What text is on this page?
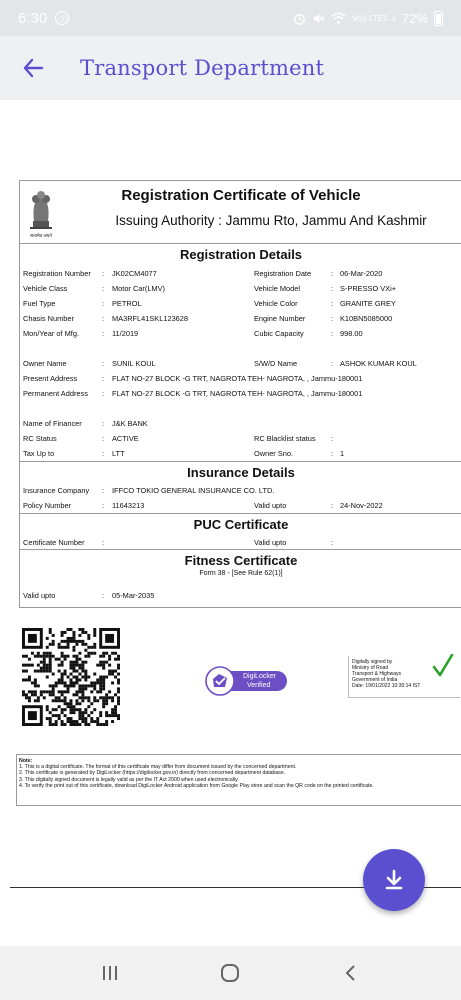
6:30	Ⓢ	Vo)) LTE1 .ıl 72%
Transport Department
सत्यमेव जयते
Registration Certificate of Vehicle
Issuing Authority : Jammu Rto, Jammu And Kashmir
Registration Details
Registration Number : JK02CM4077	Registration Date	: 06-Mar-2020
Vehicle Class	: Motor Car(LMV)	Vehicle Model	: S-PRESSO VXi+
Fuel Type	: PETROL	Vehicle Color	: GRANITE GREY
Chasis Number	: MA3RFL41SKL123628	Engine Number	: K10BN5085000
Mon/Year of Mfg.	: 11/2019	Cubic Capacity	: 998.00
Owner Name	: SUNIL KOUL	S/W/D Name	: ASHOK KUMAR KOUL
Present Address	: FLAT NO-27 BLOCK -G TRT, NAGROTA TEH- NAGROTA, , Jammu-180001
Permanent Address : FLAT NO-27 BLOCK -G TRT, NAGROTA TEH- NAGROTA, , Jammu-180001
Name of Financer	: J&K BANK
RC Status	: ACTIVE	RC Blacklist status :
Tax Up to	: LTT	Owner Sno.	: 1
Insurance Details
Insurance Company : IFFCO TOKIO GENERAL INSURANCE CO. LTD.
Policy Number	: 11643213	Valid upto	: 24-Nov-2022
PUC Certificate
Certificate Number :	Valid upto	:
Fitness Certificate
Form 38 - [See Rule 62(1)]
Valid upto	: 05-Mar-2035
DigiLocker
Verified
Digitally signed by
Ministry of Road
Transport & Highways
Government of India
Date: 19/01/2022 10:30:14 IST
Note:
1. This is a digital certificate. The format of this certificate may differ from document issued by the concerned department.
2. This certificate is generated by DigiLocker (https://digilocker.gov.in) directly from concerned department database.
3. This digitally signed document is legally valid as per the IT Act 2000 when used electronically.
4. To verify the print out of this certificate, download DigiLocker Android application from Google Play store and scan the QR code on the printed certificate.
